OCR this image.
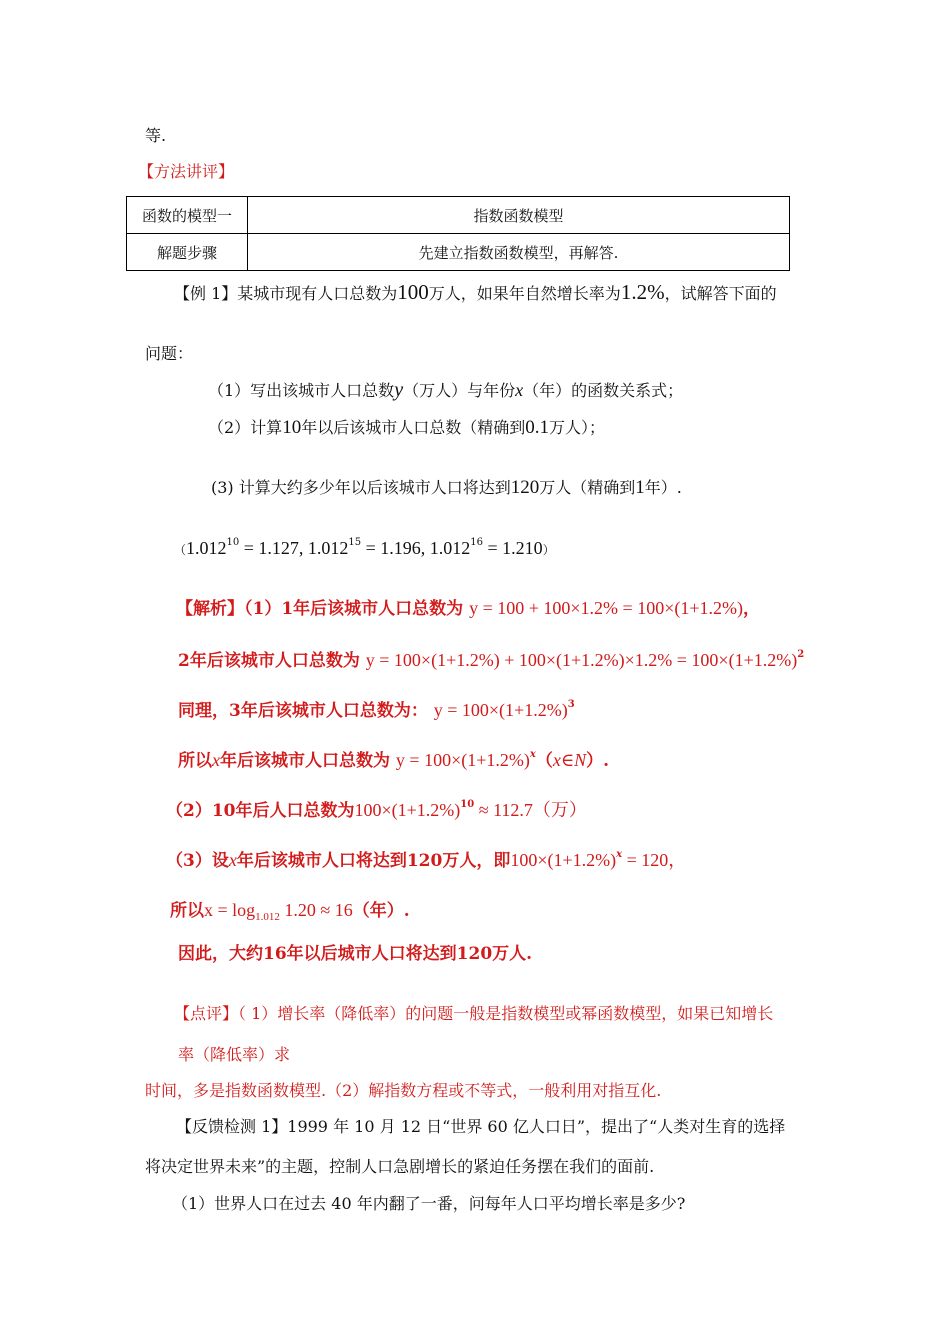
等.
【方法讲评】
函数的模型一	指数函数模型
解题步骤	先建立指数函数模型，再解答.
【例 1】某城市现有人口总数为100万人，如果年自然增长率为1.2%，试解答下面的
问题：
（1）写出该城市人口总数y（万人）与年份x（年）的函数关系式；
（2）计算10年以后该城市人口总数（精确到0.1万人）；
(3) 计算大约多少年以后该城市人口将达到120万人（精确到1年）.
（$1.012^{10} = 1.127$, $1.012^{15} = 1.196$, $1.012^{16} = 1.210$）
【解析】（1）1年后该城市人口总数为 y = 100 + 100×1.2% = 100×(1+1.2%)，
2年后该城市人口总数为 $y = 100\times(1+1.2\%) + 100\times(1+1.2\%)\times 1.2\% = 100\times(1+1.2\%)^2$
同理，3年后该城市人口总数为： $y = 100\times(1+1.2\%)^3$
所以x年后该城市人口总数为 $y = 100\times(1+1.2\%)^x(x\in N)$.
（2）10年后人口总数为$100\times(1+1.2\%)^{10} \approx 112.7$（万）
（3）设x年后该城市人口将达到120万人，即$100\times(1+1.2\%)^x = 120$，
所以$x = \log_{1.012} 1.20 \approx 16$（年）.
因此，大约16年以后城市人口将达到120万人.
【点评】（ 1）增长率（降低率）的问题一般是指数模型或幂函数模型，如果已知增长
率（降低率）求
时间，多是指数函数模型.（2）解指数方程或不等式，一般利用对指互化.
【反馈检测 1】1999 年 10 月 12 日“世界 60 亿人口日”，提出了“人类对生育的选择
将决定世界未来”的主题，控制人口急剧增长的紧迫任务摆在我们的面前.
（1）世界人口在过去 40 年内翻了一番，问每年人口平均增长率是多少?
